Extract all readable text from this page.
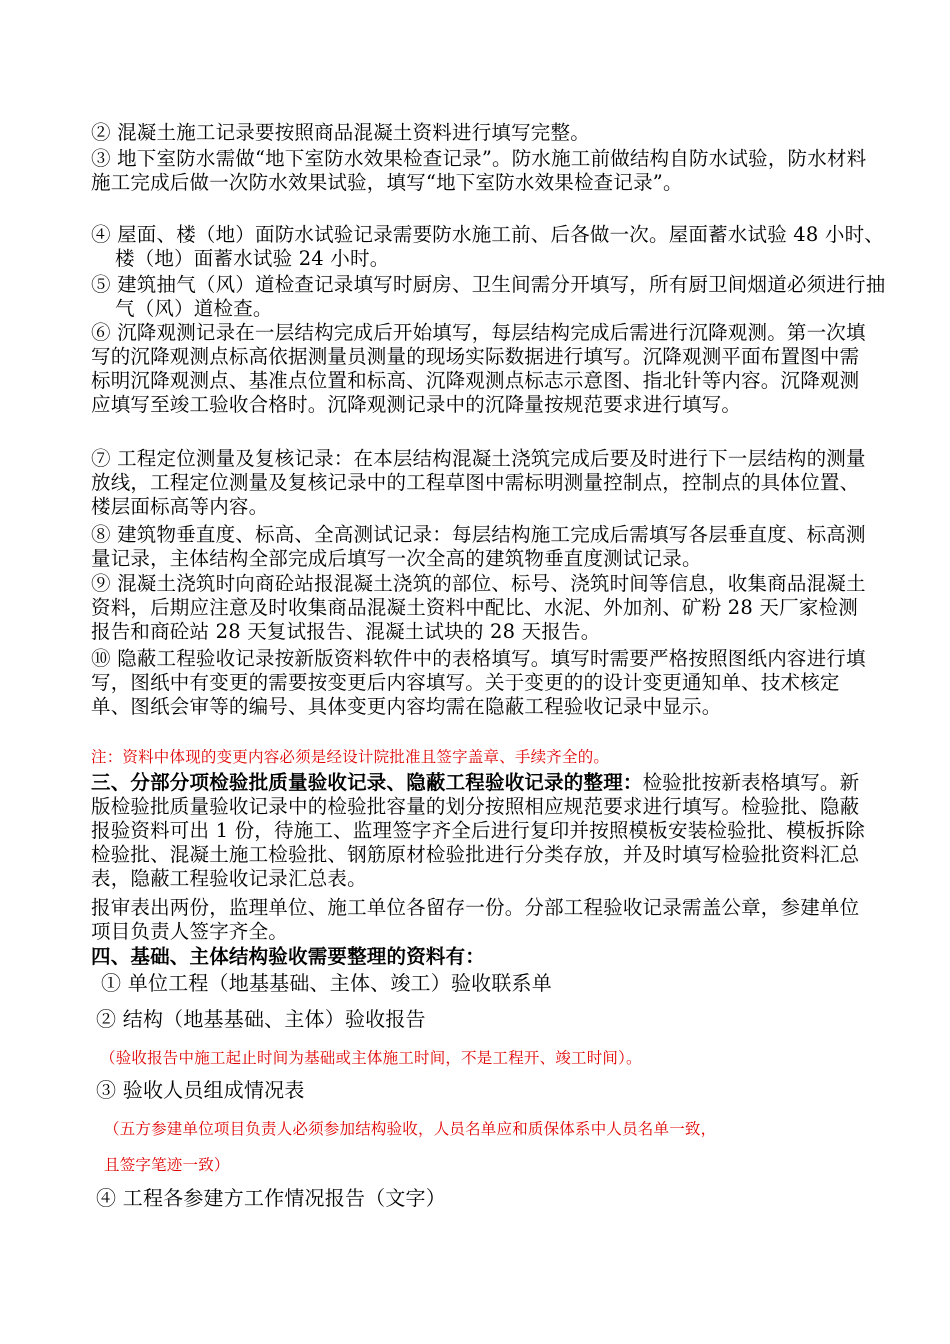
② 混凝土施工记录要按照商品混凝土资料进行填写完整。
③ 地下室防水需做“地下室防水效果检查记录”。防水施工前做结构自防水试验，防水材料施工完成后做一次防水效果试验，填写“地下室防水效果检查记录”。
④ 屋面、楼（地）面防水试验记录需要防水施工前、后各做一次。屋面蓄水试验 48 小时、楼（地）面蓄水试验 24 小时。
⑤ 建筑抽气（风）道检查记录填写时厨房、卫生间需分开填写，所有厨卫间烟道必须进行抽气（风）道检查。
⑥ 沉降观测记录在一层结构完成后开始填写，每层结构完成后需进行沉降观测。第一次填写的沉降观测点标高依据测量员测量的现场实际数据进行填写。沉降观测平面布置图中需标明沉降观测点、基准点位置和标高、沉降观测点标志示意图、指北针等内容。沉降观测应填写至竣工验收合格时。沉降观测记录中的沉降量按规范要求进行填写。
⑦ 工程定位测量及复核记录：在本层结构混凝土浇筑完成后要及时进行下一层结构的测量放线，工程定位测量及复核记录中的工程草图中需标明测量控制点，控制点的具体位置、楼层面标高等内容。
⑧ 建筑物垂直度、标高、全高测试记录：每层结构施工完成后需填写各层垂直度、标高测量记录，主体结构全部完成后填写一次全高的建筑物垂直度测试记录。
⑨ 混凝土浇筑时向商砼站报混凝土浇筑的部位、标号、浇筑时间等信息，收集商品混凝土资料，后期应注意及时收集商品混凝土资料中配比、水泥、外加剂、矿粉 28 天厂家检测报告和商砼站 28 天复试报告、混凝土试块的 28 天报告。
⑩ 隐蔽工程验收记录按新版资料软件中的表格填写。填写时需要严格按照图纸内容进行填写，图纸中有变更的需要按变更后内容填写。关于变更的的设计变更通知单、技术核定单、图纸会审等的编号、具体变更内容均需在隐蔽工程验收记录中显示。
注：资料中体现的变更内容必须是经设计院批准且签字盖章、手续齐全的。
三、分部分项检验批质量验收记录、隐蔽工程验收记录的整理：检验批按新表格填写。新版检验批质量验收记录中的检验批容量的划分按照相应规范要求进行填写。检验批、隐蔽报验资料可出 1 份，待施工、监理签字齐全后进行复印并按照模板安装检验批、模板拆除检验批、混凝土施工检验批、钢筋原材检验批进行分类存放，并及时填写检验批资料汇总表，隐蔽工程验收记录汇总表。
报审表出两份，监理单位、施工单位各留存一份。分部工程验收记录需盖公章，参建单位项目负责人签字齐全。
四、基础、主体结构验收需要整理的资料有：
① 单位工程（地基基础、主体、竣工）验收联系单
② 结构（地基基础、主体）验收报告
（验收报告中施工起止时间为基础或主体施工时间，不是工程开、竣工时间）。
③ 验收人员组成情况表
（五方参建单位项目负责人必须参加结构验收，人员名单应和质保体系中人员名单一致，
且签字笔迹一致）
④ 工程各参建方工作情况报告（文字）
